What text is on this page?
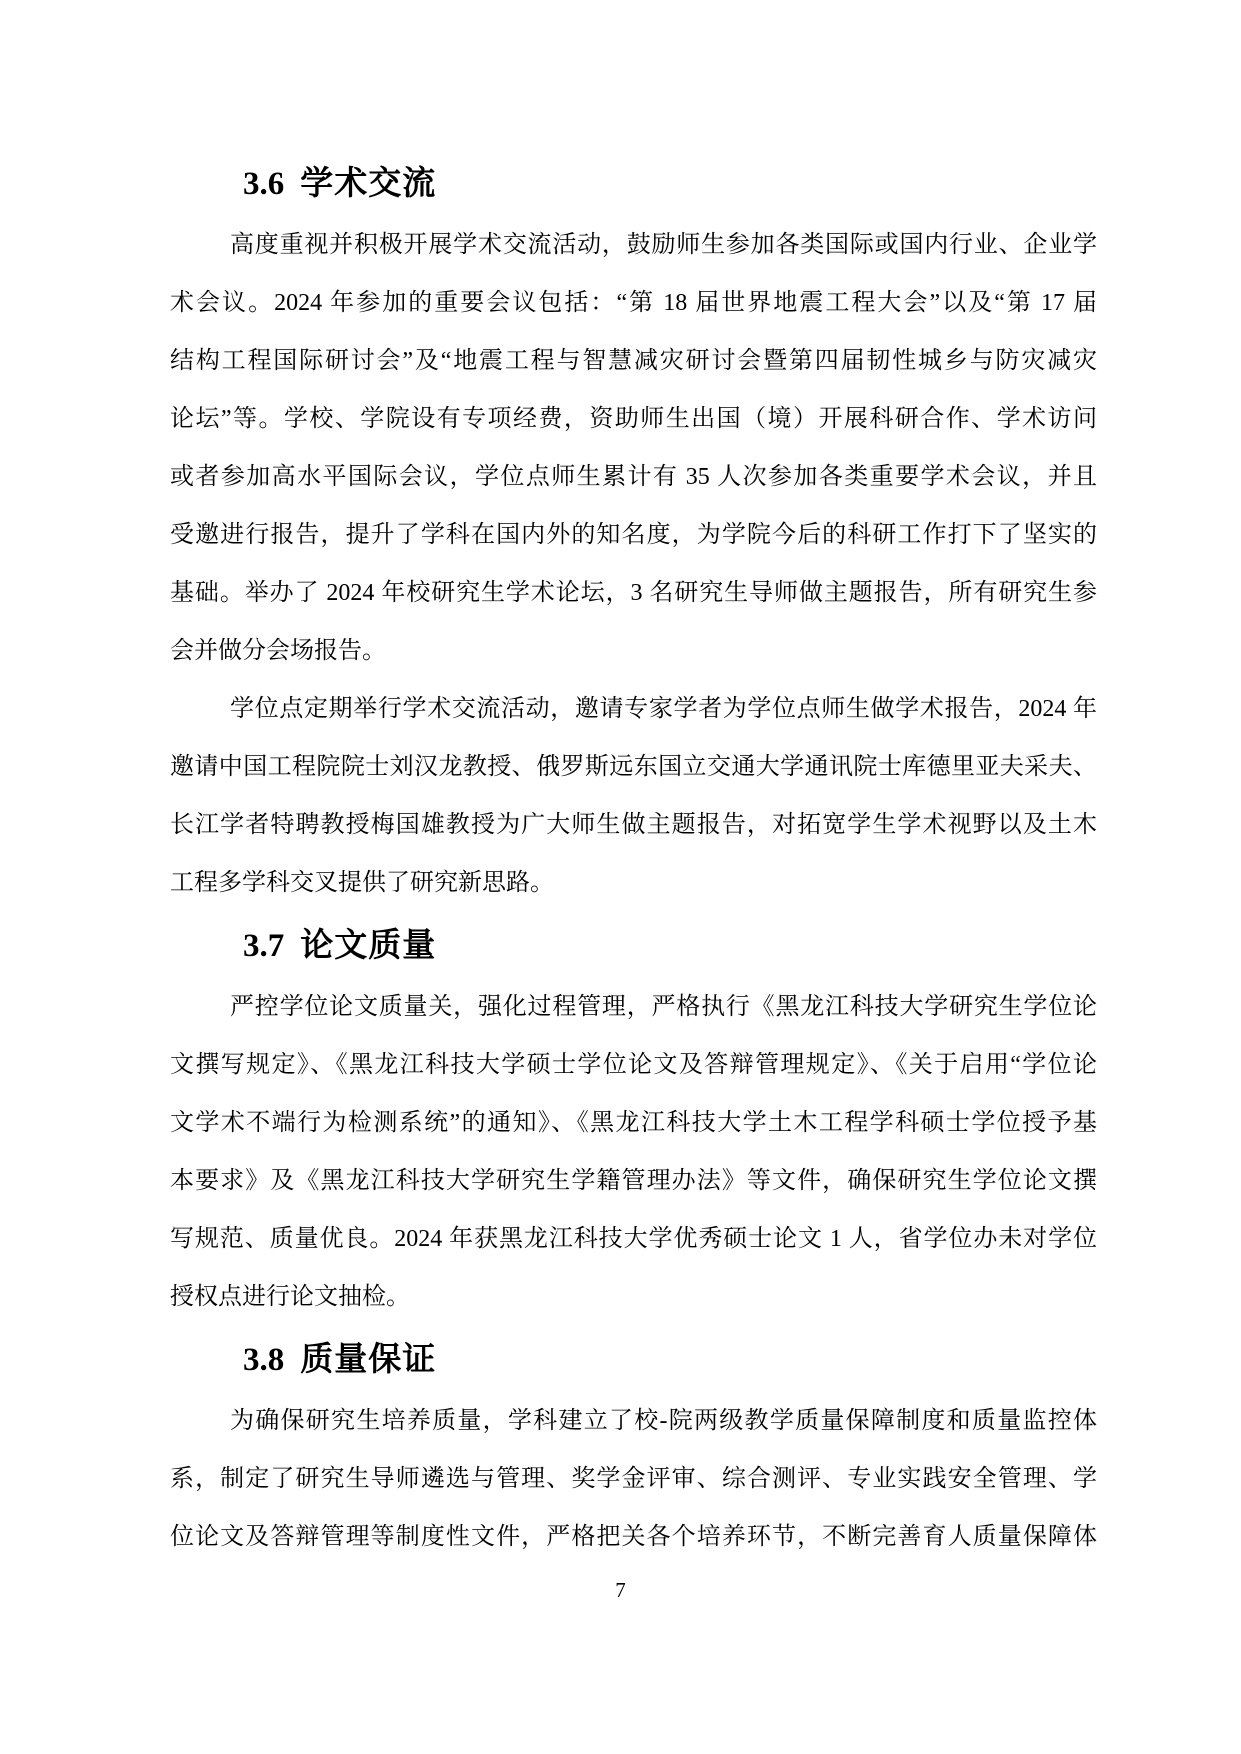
3.6 学术交流
高度重视并积极开展学术交流活动，鼓励师生参加各类国际或国内行业、企业学
术会议。2024 年参加的重要会议包括：“第 18 届世界地震工程大会”以及“第 17 届
结构工程国际研讨会”及“地震工程与智慧减灾研讨会暨第四届韧性城乡与防灾减灾
论坛”等。学校、学院设有专项经费，资助师生出国（境）开展科研合作、学术访问
或者参加高水平国际会议，学位点师生累计有 35 人次参加各类重要学术会议，并且
受邀进行报告，提升了学科在国内外的知名度，为学院今后的科研工作打下了坚实的
基础。举办了 2024 年校研究生学术论坛，3 名研究生导师做主题报告，所有研究生参
会并做分会场报告。
学位点定期举行学术交流活动，邀请专家学者为学位点师生做学术报告，2024 年
邀请中国工程院院士刘汉龙教授、俄罗斯远东国立交通大学通讯院士库德里亚夫采夫、
长江学者特聘教授梅国雄教授为广大师生做主题报告，对拓宽学生学术视野以及土木
工程多学科交叉提供了研究新思路。
3.7 论文质量
严控学位论文质量关，强化过程管理，严格执行《黑龙江科技大学研究生学位论
文撰写规定》、《黑龙江科技大学硕士学位论文及答辩管理规定》、《关于启用“学位论
文学术不端行为检测系统”的通知》、《黑龙江科技大学土木工程学科硕士学位授予基
本要求》及《黑龙江科技大学研究生学籍管理办法》等文件，确保研究生学位论文撰
写规范、质量优良。2024 年获黑龙江科技大学优秀硕士论文 1 人，省学位办未对学位
授权点进行论文抽检。
3.8 质量保证
为确保研究生培养质量，学科建立了校-院两级教学质量保障制度和质量监控体
系，制定了研究生导师遴选与管理、奖学金评审、综合测评、专业实践安全管理、学
位论文及答辩管理等制度性文件，严格把关各个培养环节，不断完善育人质量保障体
7
